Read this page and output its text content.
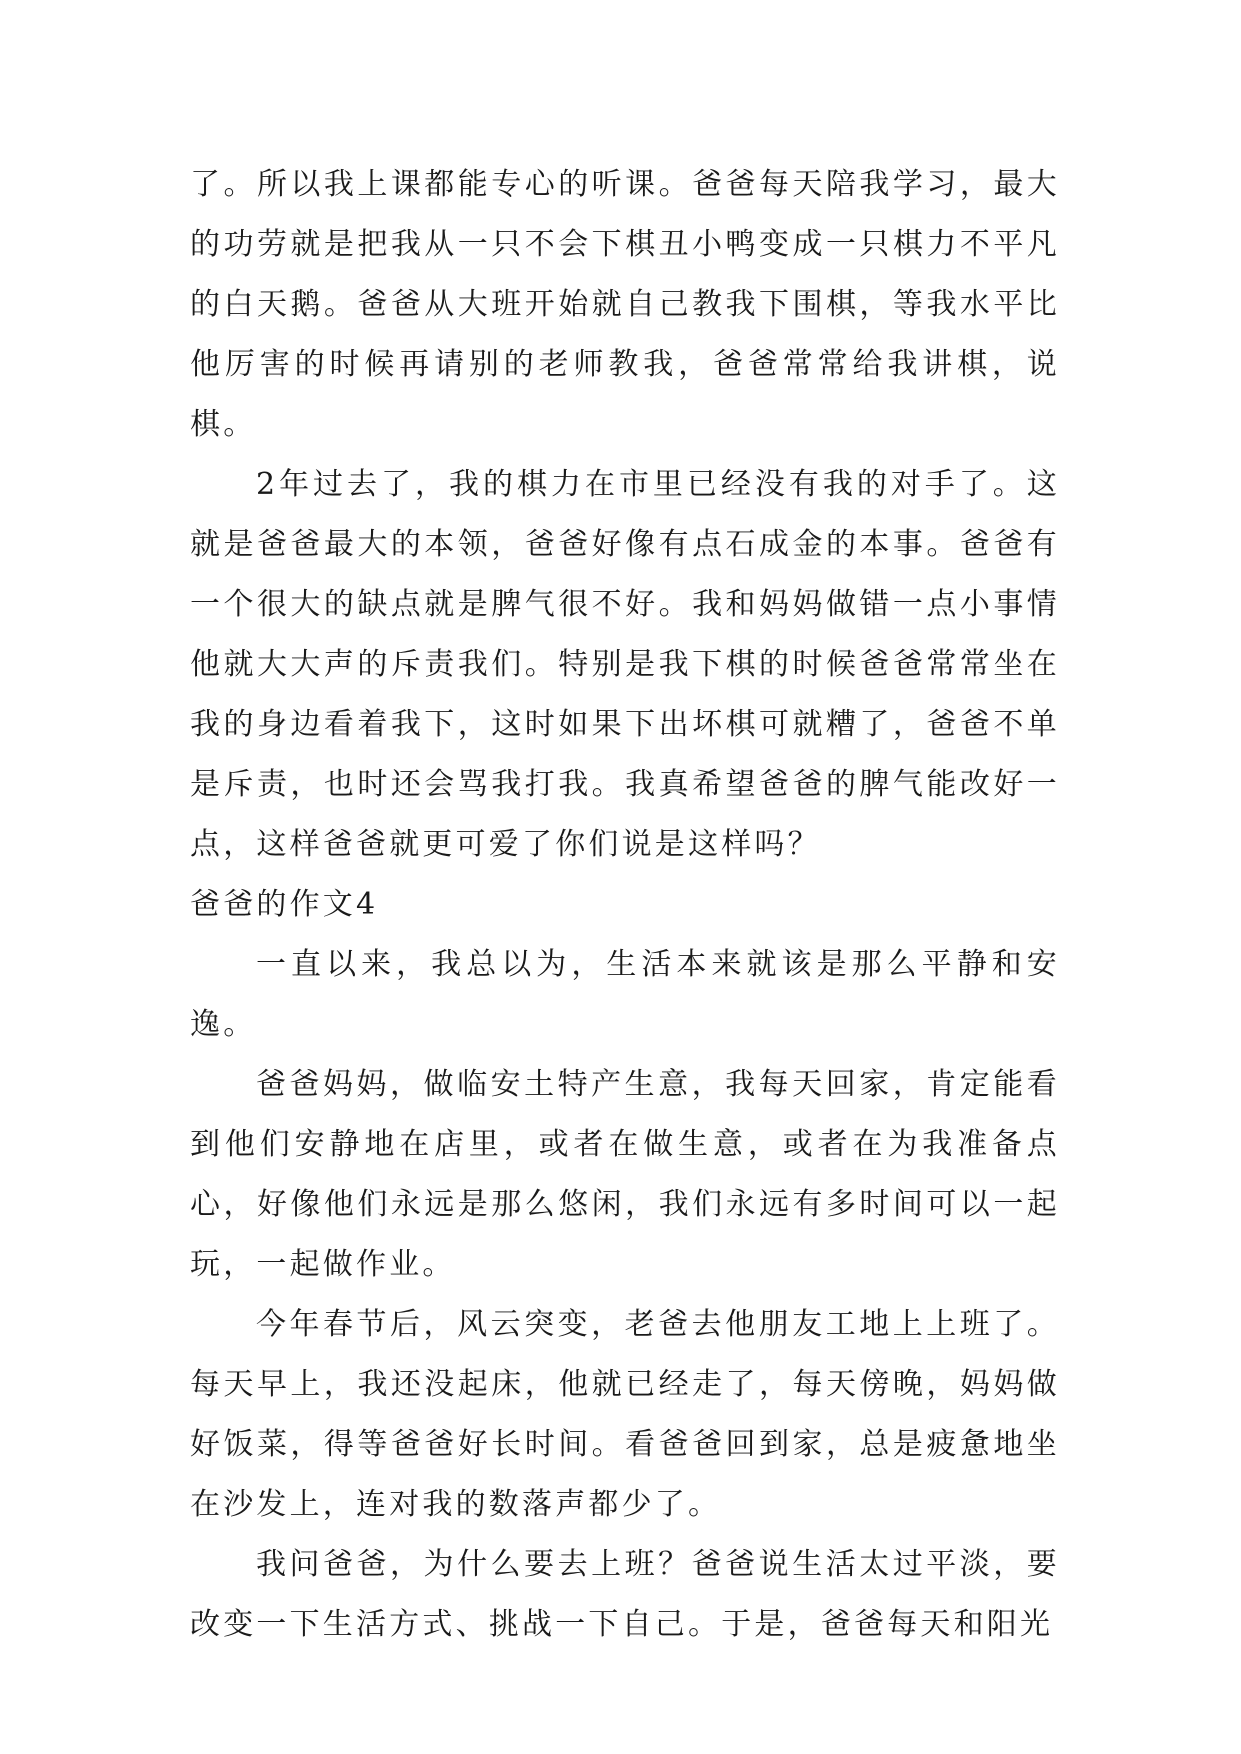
了。所以我上课都能专心的听课。爸爸每天陪我学习，最大的功劳就是把我从一只不会下棋丑小鸭变成一只棋力不平凡的白天鹅。爸爸从大班开始就自己教我下围棋，等我水平比他厉害的时候再请别的老师教我，爸爸常常给我讲棋，说棋。

2年过去了，我的棋力在市里已经没有我的对手了。这就是爸爸最大的本领，爸爸好像有点石成金的本事。爸爸有一个很大的缺点就是脾气很不好。我和妈妈做错一点小事情他就大大声的斥责我们。特别是我下棋的时候爸爸常常坐在我的身边看着我下，这时如果下出坏棋可就糟了，爸爸不单是斥责，也时还会骂我打我。我真希望爸爸的脾气能改好一点，这样爸爸就更可爱了你们说是这样吗？

爸爸的作文4

一直以来，我总以为，生活本来就该是那么平静和安逸。

爸爸妈妈，做临安土特产生意，我每天回家，肯定能看到他们安静地在店里，或者在做生意，或者在为我准备点心，好像他们永远是那么悠闲，我们永远有多时间可以一起玩，一起做作业。

今年春节后，风云突变，老爸去他朋友工地上上班了。每天早上，我还没起床，他就已经走了，每天傍晚，妈妈做好饭菜，得等爸爸好长时间。看爸爸回到家，总是疲惫地坐在沙发上，连对我的数落声都少了。

我问爸爸，为什么要去上班？爸爸说生活太过平淡，要改变一下生活方式、挑战一下自己。于是，爸爸每天和阳光
